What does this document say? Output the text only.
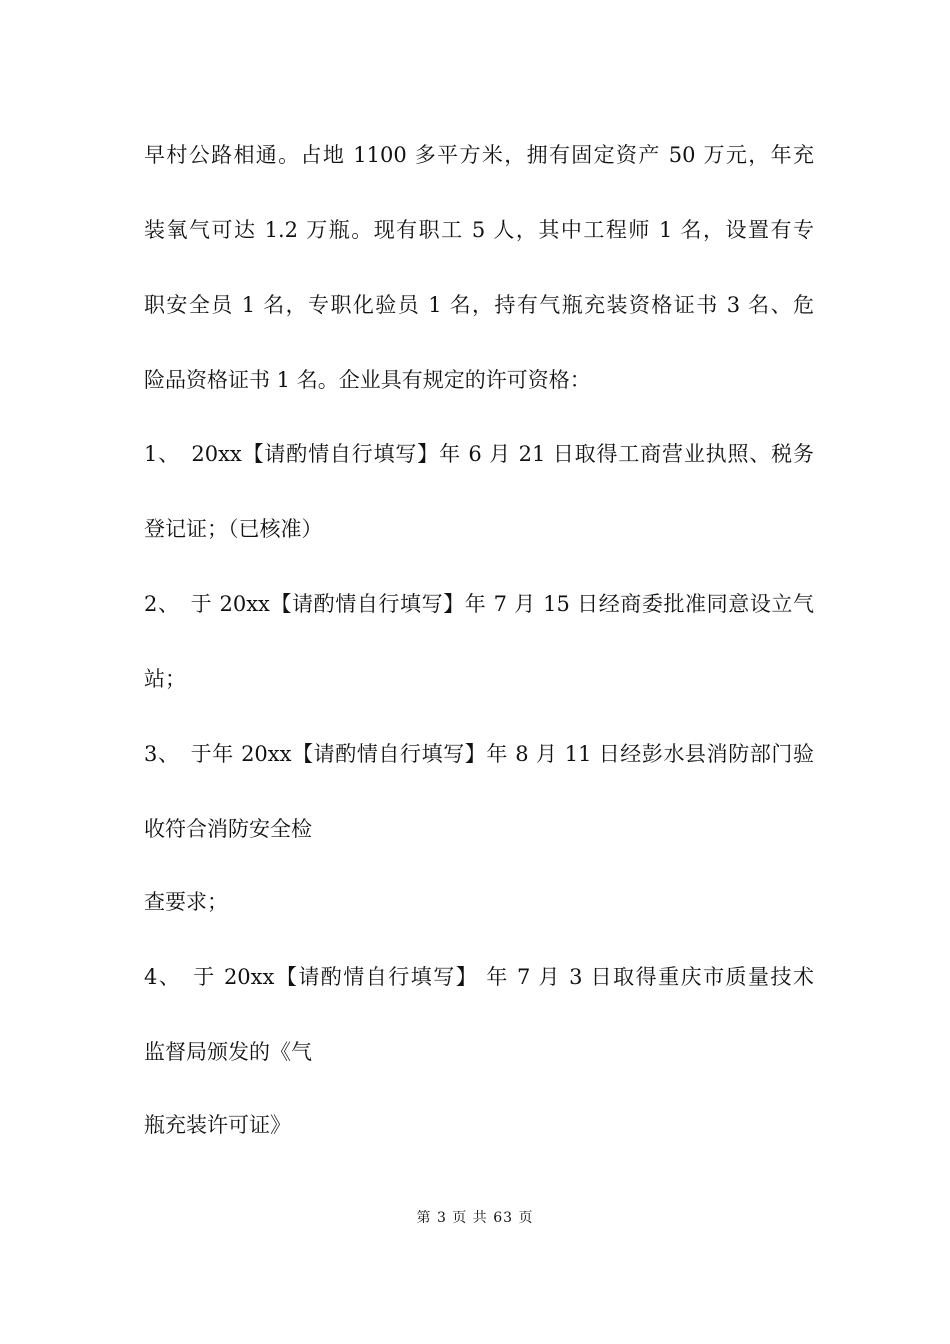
早村公路相通。占地 1100 多平方米，拥有固定资产 50 万元，年充
装氧气可达 1.2 万瓶。现有职工 5 人，其中工程师 1 名，设置有专
职安全员 1 名，专职化验员 1 名，持有气瓶充装资格证书 3 名、危
险品资格证书 1 名。企业具有规定的许可资格：
1、　20xx【请酌情自行填写】年 6 月 21 日取得工商营业执照、税务
登记证；（已核准）
2、　于 20xx【请酌情自行填写】年 7 月 15 日经商委批准同意设立气
站；
3、　于年 20xx【请酌情自行填写】年 8 月 11 日经彭水县消防部门验
收符合消防安全检
查要求；
4、　于 20xx【请酌情自行填写】 年 7 月 3 日取得重庆市质量技术
监督局颁发的《气
瓶充装许可证》
第 3 页 共 63 页
